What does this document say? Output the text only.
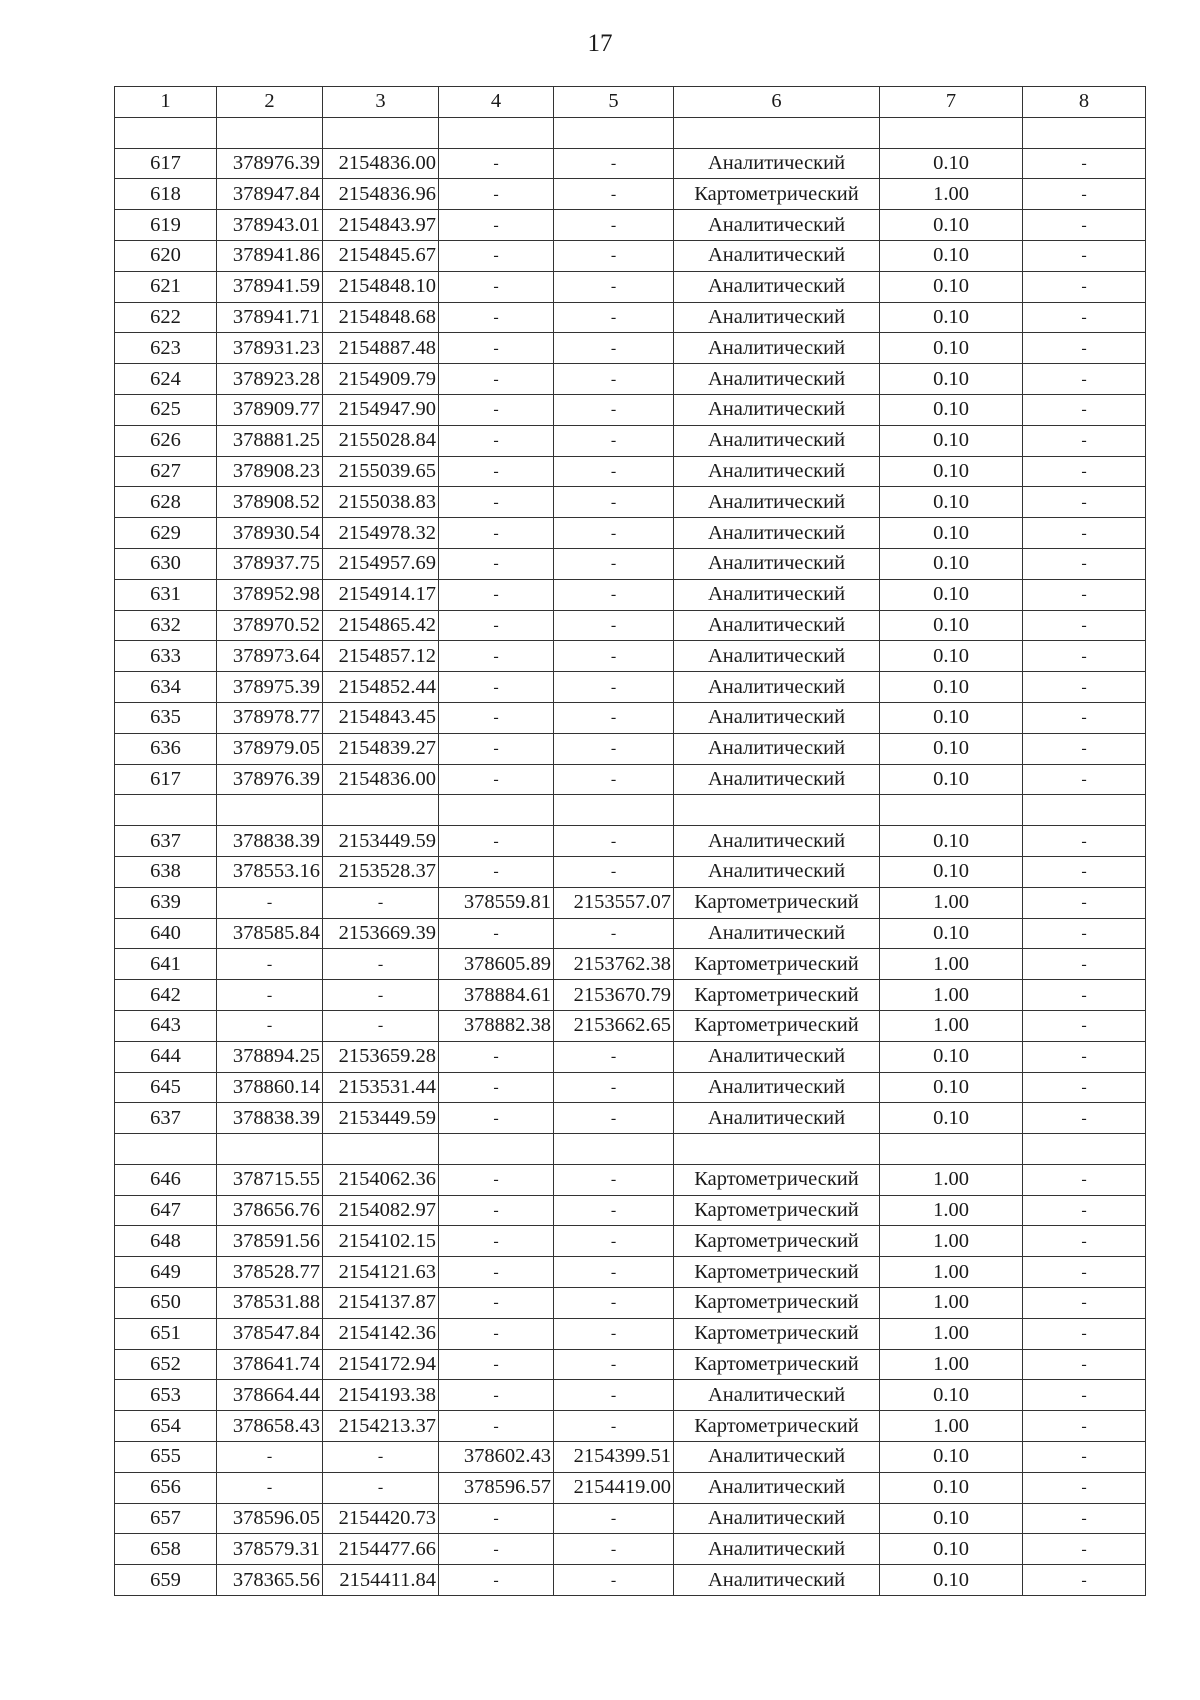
17
1	2	3	4	5	6	7	8

617	378976.39	2154836.00	-	-	Аналитический	0.10	-
618	378947.84	2154836.96	-	-	Картометрический	1.00	-
619	378943.01	2154843.97	-	-	Аналитический	0.10	-
620	378941.86	2154845.67	-	-	Аналитический	0.10	-
621	378941.59	2154848.10	-	-	Аналитический	0.10	-
622	378941.71	2154848.68	-	-	Аналитический	0.10	-
623	378931.23	2154887.48	-	-	Аналитический	0.10	-
624	378923.28	2154909.79	-	-	Аналитический	0.10	-
625	378909.77	2154947.90	-	-	Аналитический	0.10	-
626	378881.25	2155028.84	-	-	Аналитический	0.10	-
627	378908.23	2155039.65	-	-	Аналитический	0.10	-
628	378908.52	2155038.83	-	-	Аналитический	0.10	-
629	378930.54	2154978.32	-	-	Аналитический	0.10	-
630	378937.75	2154957.69	-	-	Аналитический	0.10	-
631	378952.98	2154914.17	-	-	Аналитический	0.10	-
632	378970.52	2154865.42	-	-	Аналитический	0.10	-
633	378973.64	2154857.12	-	-	Аналитический	0.10	-
634	378975.39	2154852.44	-	-	Аналитический	0.10	-
635	378978.77	2154843.45	-	-	Аналитический	0.10	-
636	378979.05	2154839.27	-	-	Аналитический	0.10	-
617	378976.39	2154836.00	-	-	Аналитический	0.10	-

637	378838.39	2153449.59	-	-	Аналитический	0.10	-
638	378553.16	2153528.37	-	-	Аналитический	0.10	-
639	-	-	378559.81	2153557.07	Картометрический	1.00	-
640	378585.84	2153669.39	-	-	Аналитический	0.10	-
641	-	-	378605.89	2153762.38	Картометрический	1.00	-
642	-	-	378884.61	2153670.79	Картометрический	1.00	-
643	-	-	378882.38	2153662.65	Картометрический	1.00	-
644	378894.25	2153659.28	-	-	Аналитический	0.10	-
645	378860.14	2153531.44	-	-	Аналитический	0.10	-
637	378838.39	2153449.59	-	-	Аналитический	0.10	-

646	378715.55	2154062.36	-	-	Картометрический	1.00	-
647	378656.76	2154082.97	-	-	Картометрический	1.00	-
648	378591.56	2154102.15	-	-	Картометрический	1.00	-
649	378528.77	2154121.63	-	-	Картометрический	1.00	-
650	378531.88	2154137.87	-	-	Картометрический	1.00	-
651	378547.84	2154142.36	-	-	Картометрический	1.00	-
652	378641.74	2154172.94	-	-	Картометрический	1.00	-
653	378664.44	2154193.38	-	-	Аналитический	0.10	-
654	378658.43	2154213.37	-	-	Картометрический	1.00	-
655	-	-	378602.43	2154399.51	Аналитический	0.10	-
656	-	-	378596.57	2154419.00	Аналитический	0.10	-
657	378596.05	2154420.73	-	-	Аналитический	0.10	-
658	378579.31	2154477.66	-	-	Аналитический	0.10	-
659	378365.56	2154411.84	-	-	Аналитический	0.10	-
